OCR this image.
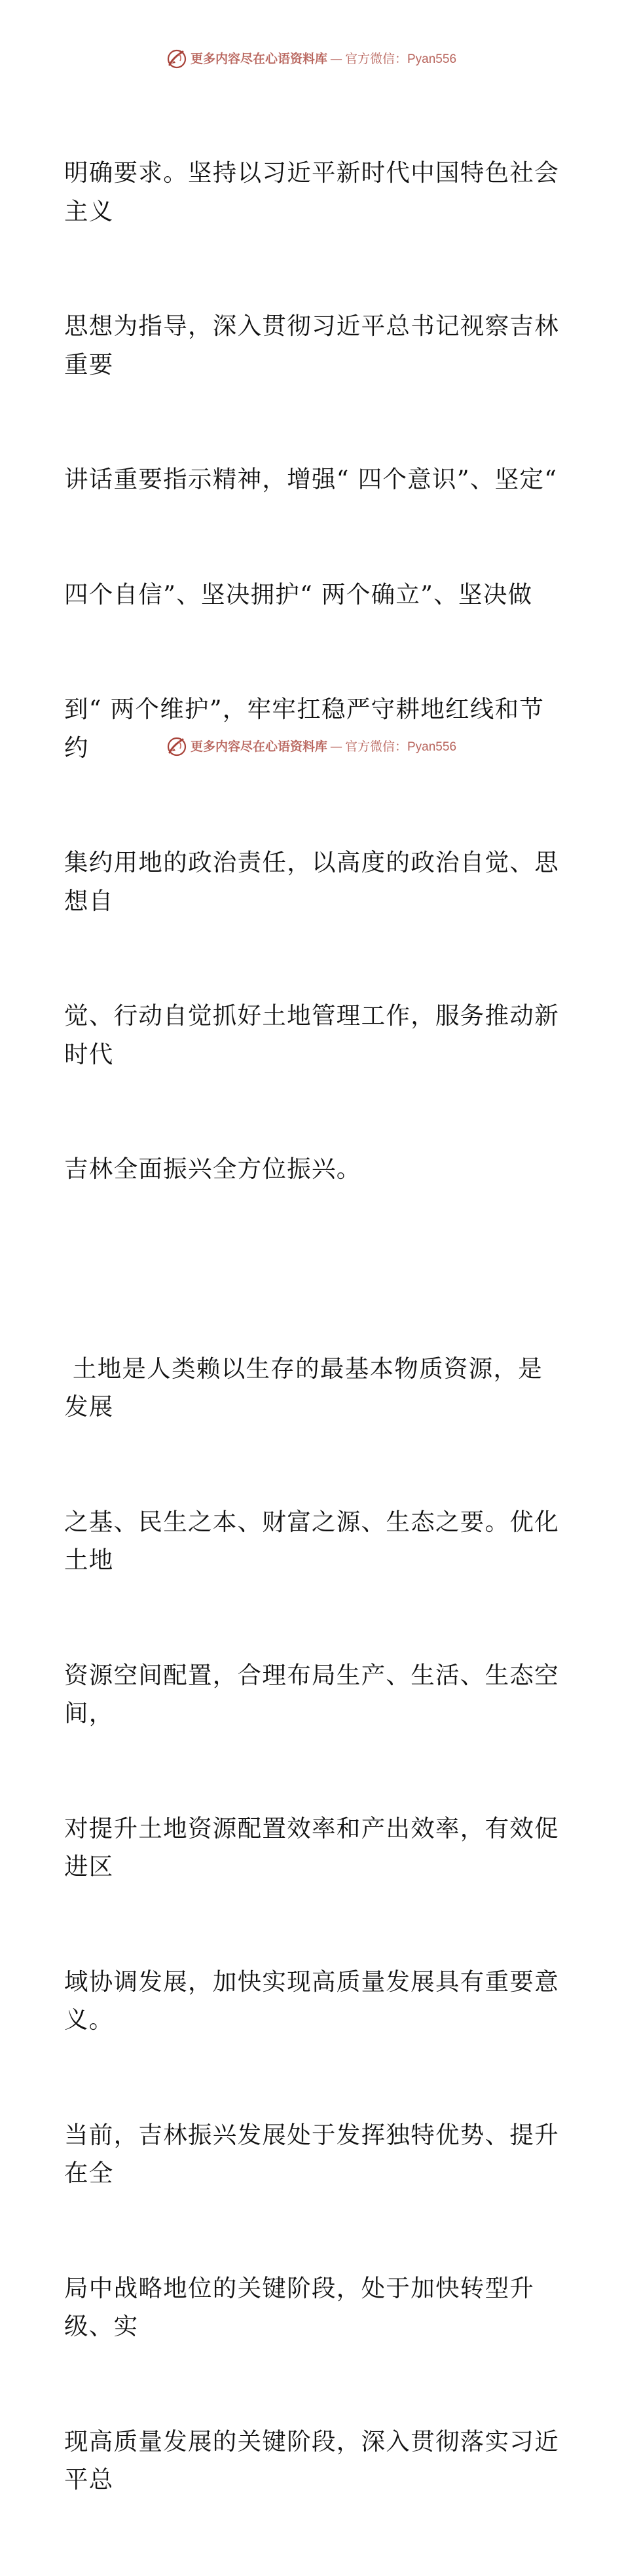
更多内容尽在心语资料库 — 官方微信：Pyan556

明确要求。坚持以习近平新时代中国特色社会主义

思想为指导，深入贯彻习近平总书记视察吉林重要

讲话重要指示精神，增强“ 四个意识”、坚定“

四个自信”、坚决拥护“ 两个确立”、坚决做

到“ 两个维护”，牢牢扛稳严守耕地红线和节约

集约用地的政治责任，以高度的政治自觉、思想自

觉、行动自觉抓好土地管理工作，服务推动新时代

吉林全面振兴全方位振兴。

土地是人类赖以生存的最基本物质资源，是发展

之基、民生之本、财富之源、生态之要。优化土地

资源空间配置，合理布局生产、生活、生态空间，

对提升土地资源配置效率和产出效率，有效促进区

域协调发展，加快实现高质量发展具有重要意义。

当前，吉林振兴发展处于发挥独特优势、提升在全

局中战略地位的关键阶段，处于加快转型升级、实

现高质量发展的关键阶段，深入贯彻落实习近平总

更多内容尽在心语资料库 — 官方微信：Pyan556
